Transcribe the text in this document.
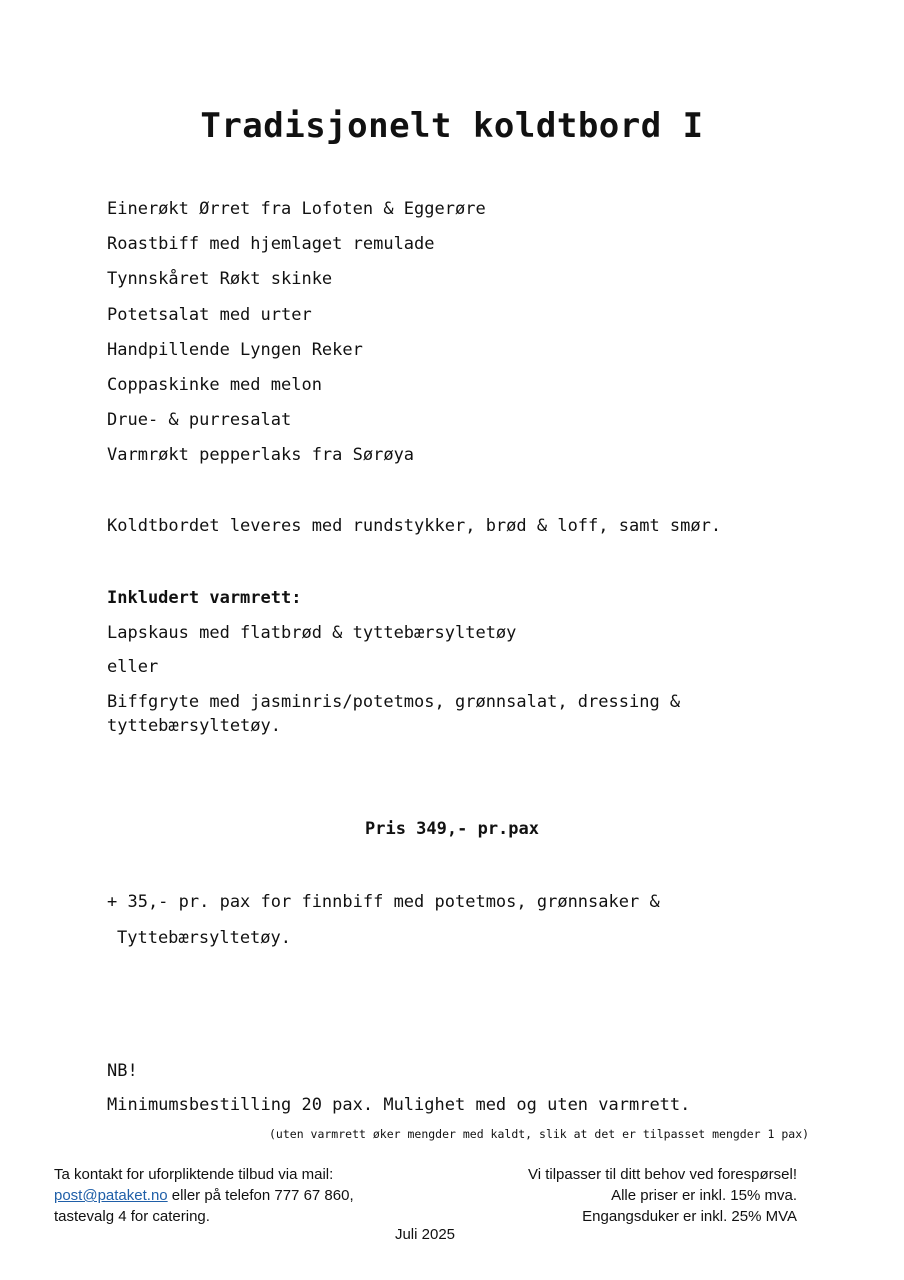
Tradisjonelt koldtbord I
Einerøkt Ørret fra Lofoten & Eggerøre
Roastbiff med hjemlaget remulade
Tynnskåret Røkt skinke
Potetsalat med urter
Handpillende Lyngen Reker
Coppaskinke med melon
Drue- & purresalat
Varmrøkt pepperlaks fra Sørøya

Koldtbordet leveres med rundstykker, brød & loff, samt smør.

Inkludert varmrett:

Lapskaus med flatbrød & tyttebærsyltetøy

eller

Biffgryte med jasminris/potetmos, grønnsalat, dressing & tyttebærsyltetøy.

Pris 349,- pr.pax

+ 35,- pr. pax for finnbiff med potetmos, grønnsaker &

Tyttebærsyltetøy.

NB!

Minimumsbestilling 20 pax. Mulighet med og uten varmrett.

(uten varmrett øker mengder med kaldt, slik at det er tilpasset mengder 1 pax)

Ta kontakt for uforpliktende tilbud via mail:
post@pataket.no eller på telefon 777 67 860,
tastevalg 4 for catering.
Vi tilpasser til ditt behov ved forespørsel!
Alle priser er inkl. 15% mva.
Engangsduker er inkl. 25% MVA

Juli 2025
